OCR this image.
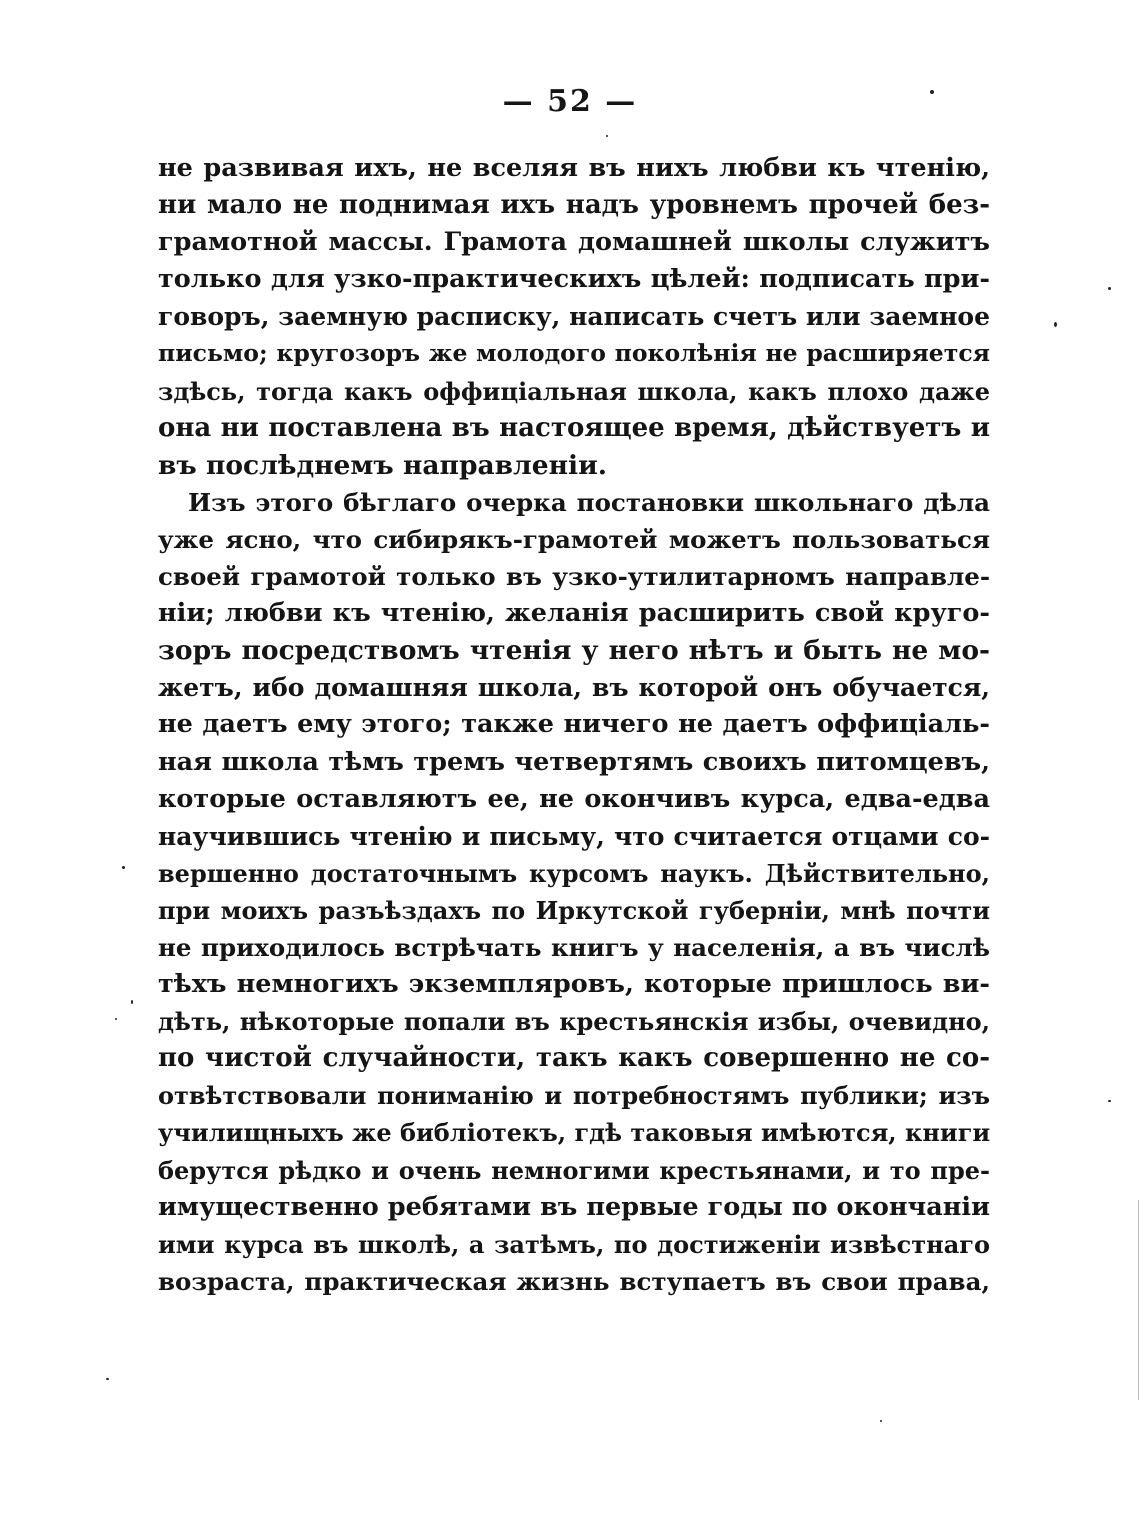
— 52 —
не развивая ихъ, не вселяя въ нихъ любви къ чтенію,
ни мало не поднимая ихъ надъ уровнемъ прочей без-
грамотной массы. Грамота домашней школы служитъ
только для узко-практическихъ цѣлей: подписать при-
говоръ, заемную расписку, написать счетъ или заемное
письмо; кругозоръ же молодого поколѣнія не расширяется
здѣсь, тогда какъ оффиціальная школа, какъ плохо даже
она ни поставлена въ настоящее время, дѣйствуетъ и
въ послѣднемъ направленіи.
Изъ этого бѣглаго очерка постановки школьнаго дѣла
уже ясно, что сибирякъ-грамотей можетъ пользоваться
своей грамотой только въ узко-утилитарномъ направле-
ніи; любви къ чтенію, желанія расширить свой круго-
зоръ посредствомъ чтенія у него нѣтъ и быть не мо-
жетъ, ибо домашняя школа, въ которой онъ обучается,
не даетъ ему этого; также ничего не даетъ оффиціаль-
ная школа тѣмъ тремъ четвертямъ своихъ питомцевъ,
которые оставляютъ ее, не окончивъ курса, едва-едва
научившись чтенію и письму, что считается отцами со-
вершенно достаточнымъ курсомъ наукъ. Дѣйствительно,
при моихъ разъѣздахъ по Иркутской губерніи, мнѣ почти
не приходилось встрѣчать книгъ у населенія, а въ числѣ
тѣхъ немногихъ экземпляровъ, которые пришлось ви-
дѣть, нѣкоторые попали въ крестьянскія избы, очевидно,
по чистой случайности, такъ какъ совершенно не со-
отвѣтствовали пониманію и потребностямъ публики; изъ
училищныхъ же библіотекъ, гдѣ таковыя имѣются, книги
берутся рѣдко и очень немногими крестьянами, и то пре-
имущественно ребятами въ первые годы по окончаніи
ими курса въ школѣ, а затѣмъ, по достиженіи извѣстнаго
возраста, практическая жизнь вступаетъ въ свои права,
